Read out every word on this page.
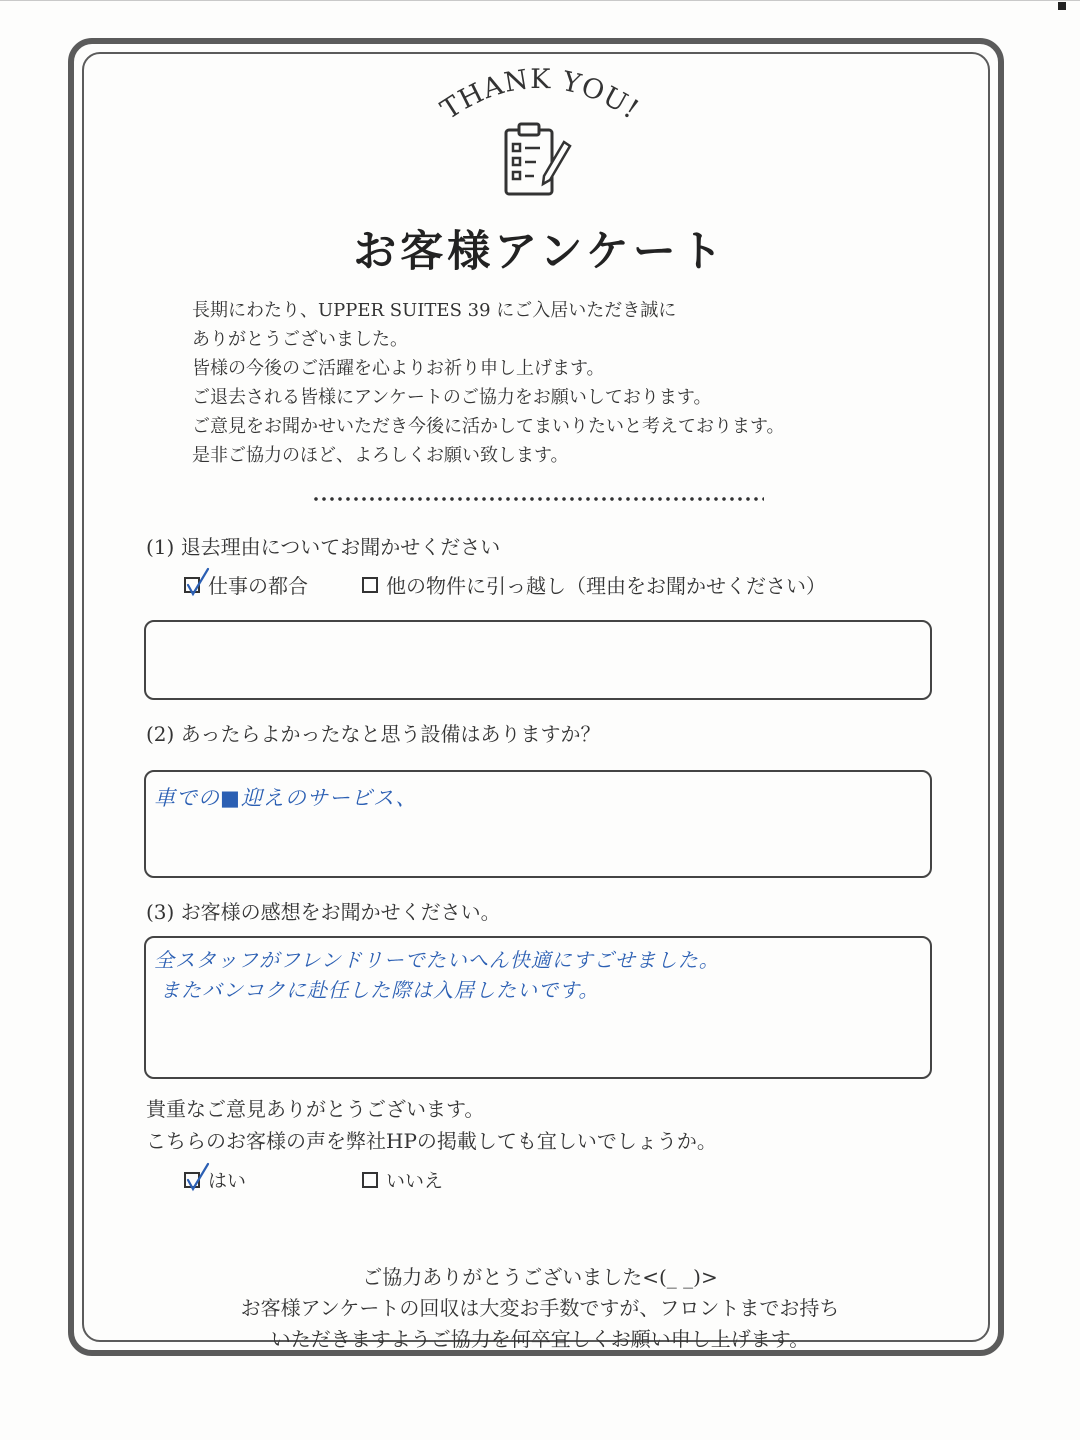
THANK YOU!
お客様アンケート
長期にわたり、UPPER SUITES 39 にご入居いただき誠に
ありがとうございました。
皆様の今後のご活躍を心よりお祈り申し上げます。
ご退去される皆様にアンケートのご協力をお願いしております。
ご意見をお聞かせいただき今後に活かしてまいりたいと考えております。
是非ご協力のほど、よろしくお願い致します。
(1) 退去理由についてお聞かせください
仕事の都合	他の物件に引っ越し（理由をお聞かせください）
(2) あったらよかったなと思う設備はありますか？
車での■迎えのサービス、
(3) お客様の感想をお聞かせください。
全スタッフがフレンドリーでたいへん快適にすごせました。
またバンコクに赴任した際は入居したいです。
貴重なご意見ありがとうございます。
こちらのお客様の声を弊社HPの掲載しても宜しいでしょうか。
はい	いいえ
ご協力ありがとうございました<(_ _)>
お客様アンケートの回収は大変お手数ですが、フロントまでお持ち
いただきますようご協力を何卒宜しくお願い申し上げます。
